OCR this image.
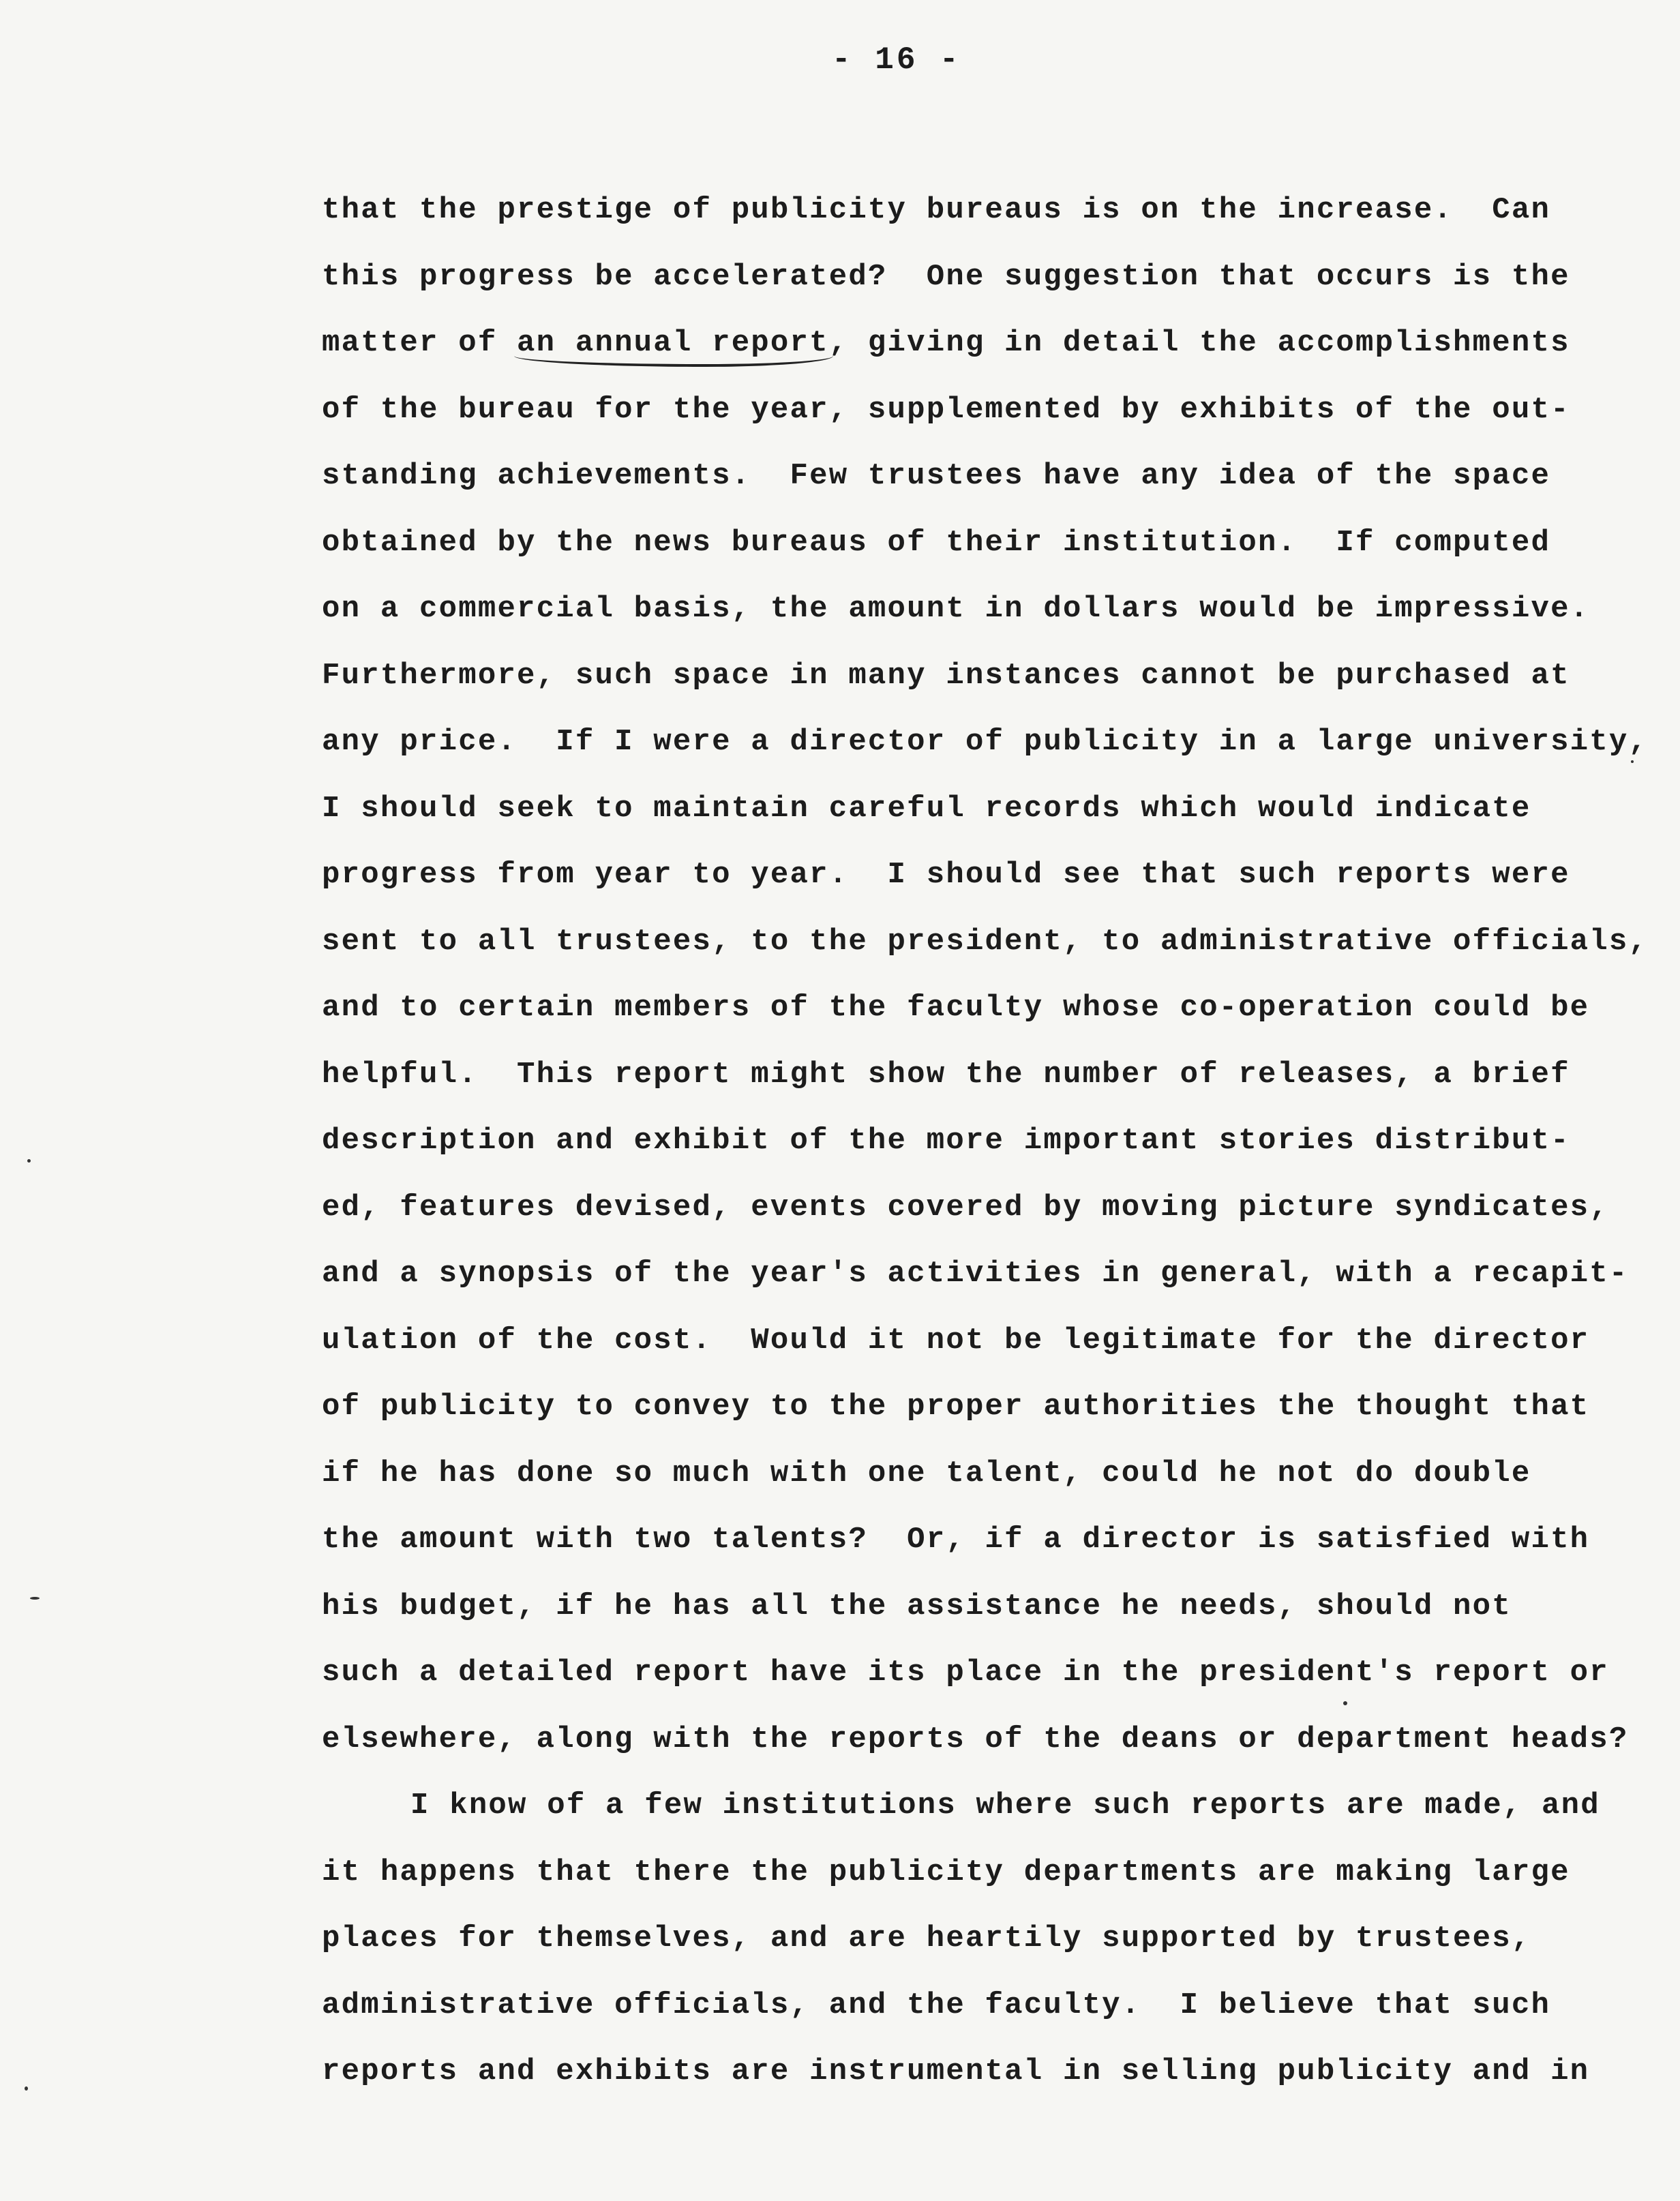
- 16 -
that the prestige of publicity bureaus is on the increase.  Can
this progress be accelerated?  One suggestion that occurs is the
matter of an annual report, giving in detail the accomplishments
of the bureau for the year, supplemented by exhibits of the out-
standing achievements.  Few trustees have any idea of the space
obtained by the news bureaus of their institution.  If computed
on a commercial basis, the amount in dollars would be impressive.
Furthermore, such space in many instances cannot be purchased at
any price.  If I were a director of publicity in a large university,
I should seek to maintain careful records which would indicate
progress from year to year.  I should see that such reports were
sent to all trustees, to the president, to administrative officials,
and to certain members of the faculty whose co-operation could be
helpful.  This report might show the number of releases, a brief
description and exhibit of the more important stories distribut-
ed, features devised, events covered by moving picture syndicates,
and a synopsis of the year's activities in general, with a recapit-
ulation of the cost.  Would it not be legitimate for the director
of publicity to convey to the proper authorities the thought that
if he has done so much with one talent, could he not do double
the amount with two talents?  Or, if a director is satisfied with
his budget, if he has all the assistance he needs, should not
such a detailed report have its place in the president's report or
elsewhere, along with the reports of the deans or department heads?
I know of a few institutions where such reports are made, and
it happens that there the publicity departments are making large
places for themselves, and are heartily supported by trustees,
administrative officials, and the faculty.  I believe that such
reports and exhibits are instrumental in selling publicity and in
